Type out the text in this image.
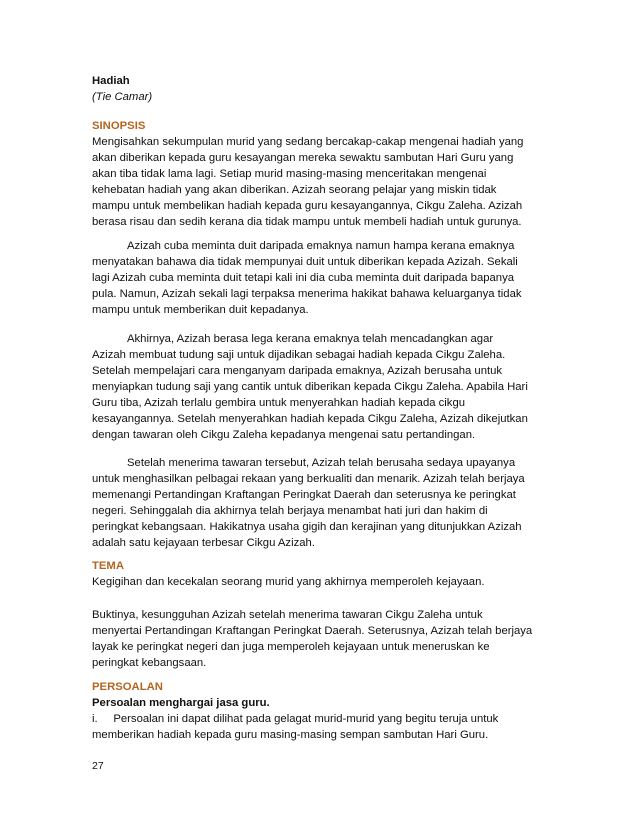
Hadiah
(Tie Camar)
SINOPSIS
Mengisahkan sekumpulan murid yang sedang bercakap-cakap mengenai hadiah yang
akan diberikan kepada guru kesayangan mereka sewaktu sambutan Hari Guru yang
akan tiba tidak lama lagi. Setiap murid masing-masing menceritakan mengenai
kehebatan hadiah yang akan diberikan. Azizah seorang pelajar yang miskin tidak
mampu untuk membelikan hadiah kepada guru kesayangannya, Cikgu Zaleha. Azizah
berasa risau dan sedih kerana dia tidak mampu untuk membeli hadiah untuk gurunya.
Azizah cuba meminta duit daripada emaknya namun hampa kerana emaknya
menyatakan bahawa dia tidak mempunyai duit untuk diberikan kepada Azizah. Sekali
lagi Azizah cuba meminta duit tetapi kali ini dia cuba meminta duit daripada bapanya
pula. Namun, Azizah sekali lagi terpaksa menerima hakikat bahawa keluarganya tidak
mampu untuk memberikan duit kepadanya.
Akhirnya, Azizah berasa lega kerana emaknya telah mencadangkan agar
Azizah membuat tudung saji untuk dijadikan sebagai hadiah kepada Cikgu Zaleha.
Setelah mempelajari cara menganyam daripada emaknya, Azizah berusaha untuk
menyiapkan tudung saji yang cantik untuk diberikan kepada Cikgu Zaleha. Apabila Hari
Guru tiba, Azizah terlalu gembira untuk menyerahkan hadiah kepada cikgu
kesayangannya. Setelah menyerahkan hadiah kepada Cikgu Zaleha, Azizah dikejutkan
dengan tawaran oleh Cikgu Zaleha kepadanya mengenai satu pertandingan.
Setelah menerima tawaran tersebut, Azizah telah berusaha sedaya upayanya
untuk menghasilkan pelbagai rekaan yang berkualiti dan menarik. Azizah telah berjaya
memenangi Pertandingan Kraftangan Peringkat Daerah dan seterusnya ke peringkat
negeri. Sehinggalah dia akhirnya telah berjaya menambat hati juri dan hakim di
peringkat kebangsaan. Hakikatnya usaha gigih dan kerajinan yang ditunjukkan Azizah
adalah satu kejayaan terbesar Cikgu Azizah.
TEMA
Kegigihan dan kecekalan seorang murid yang akhirnya memperoleh kejayaan.
Buktinya, kesungguhan Azizah setelah menerima tawaran Cikgu Zaleha untuk
menyertai Pertandingan Kraftangan Peringkat Daerah. Seterusnya, Azizah telah berjaya
layak ke peringkat negeri dan juga memperoleh kejayaan untuk meneruskan ke
peringkat kebangsaan.
PERSOALAN
Persoalan menghargai jasa guru.
i.     Persoalan ini dapat dilihat pada gelagat murid-murid yang begitu teruja untuk
memberikan hadiah kepada guru masing-masing sempan sambutan Hari Guru.
27
